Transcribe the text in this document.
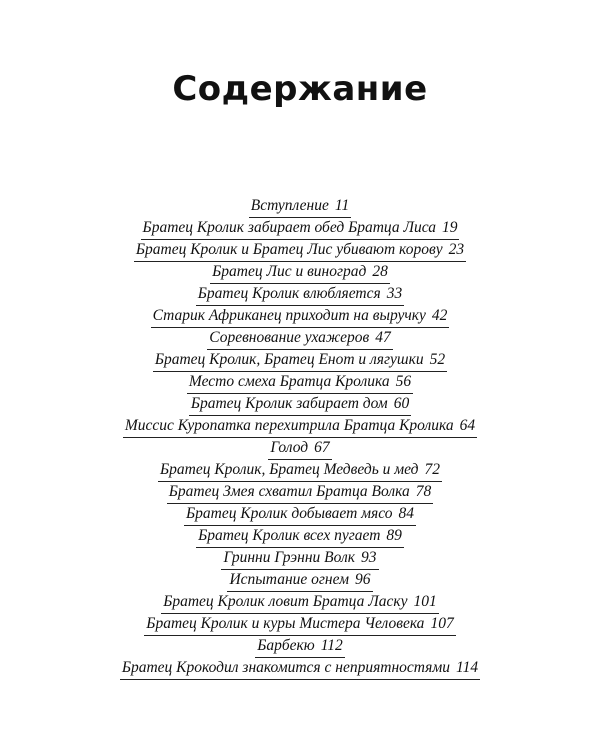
Содержание
Вступление 11
Братец Кролик забирает обед Братца Лиса 19
Братец Кролик и Братец Лис убивают корову 23
Братец Лис и виноград 28
Братец Кролик влюбляется 33
Старик Африканец приходит на выручку 42
Соревнование ухажеров 47
Братец Кролик, Братец Енот и лягушки 52
Место смеха Братца Кролика 56
Братец Кролик забирает дом 60
Миссис Куропатка перехитрила Братца Кролика 64
Голод 67
Братец Кролик, Братец Медведь и мед 72
Братец Змея схватил Братца Волка 78
Братец Кролик добывает мясо 84
Братец Кролик всех пугает 89
Гринни Грэнни Волк 93
Испытание огнем 96
Братец Кролик ловит Братца Ласку 101
Братец Кролик и куры Мистера Человека 107
Барбекю 112
Братец Крокодил знакомится с неприятностями 114
